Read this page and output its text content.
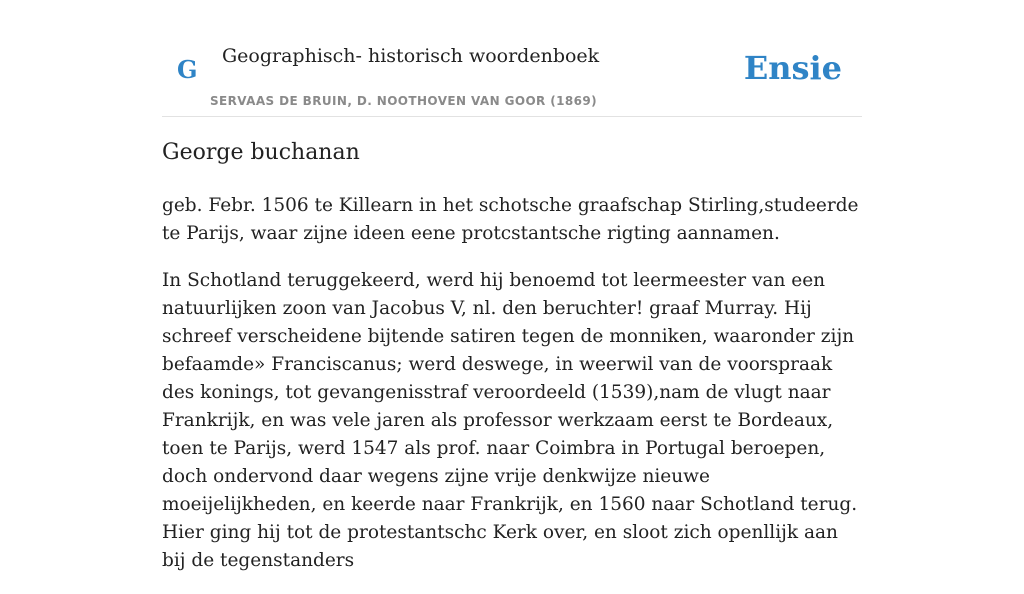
G Geographisch- historisch woordenboek
SERVAAS DE BRUIN, D. NOOTHOVEN VAN GOOR (1869)
Ensie
George buchanan

geb. Febr. 1506 te Killearn in het schotsche graafschap Stirling,studeerde te Parijs, waar zijne ideen eene protcstantsche rigting aannamen.

In Schotland teruggekeerd, werd hij benoemd tot leermeester van een natuurlijken zoon van Jacobus V, nl. den beruchter! graaf Murray. Hij schreef verscheidene bijtende satiren tegen de monniken, waaronder zijn befaamde» Franciscanus; werd deswege, in weerwil van de voorspraak des konings, tot gevangenisstraf veroordeeld (1539),nam de vlugt naar Frankrijk, en was vele jaren als professor werkzaam eerst te Bordeaux, toen te Parijs, werd 1547 als prof. naar Coimbra in Portugal beroepen, doch ondervond daar wegens zijne vrije denkwijze nieuwe moeijelijkheden, en keerde naar Frankrijk, en 1560 naar Schotland terug. Hier ging hij tot de protestantschc Kerk over, en sloot zich openllijk aan bij de tegenstanders
